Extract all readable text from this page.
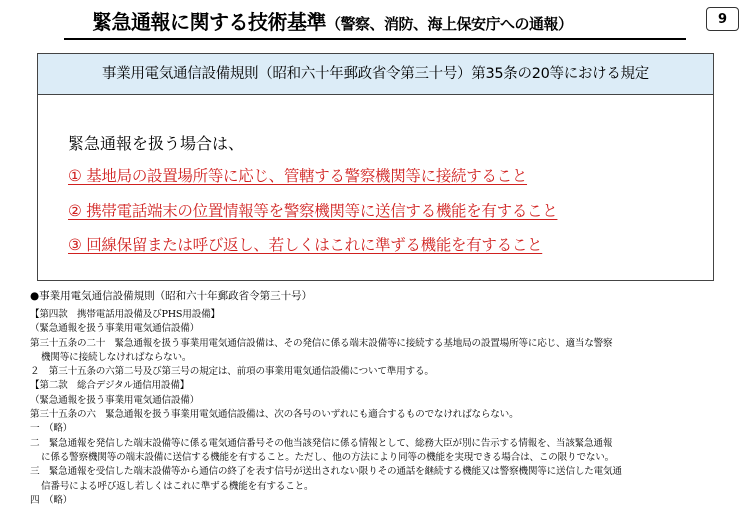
緊急通報に関する技術基準（警察、消防、海上保安庁への通報）	9
事業用電気通信設備規則（昭和六十年郵政省令第三十号）第35条の20等における規定
緊急通報を扱う場合は、
① 基地局の設置場所等に応じ、管轄する警察機関等に接続すること
② 携帯電話端末の位置情報等を警察機関等に送信する機能を有すること
③ 回線保留または呼び返し、若しくはこれに準ずる機能を有すること
●事業用電気通信設備規則（昭和六十年郵政省令第三十号）
【第四款　携帯電話用設備及びPHS用設備】
（緊急通報を扱う事業用電気通信設備）
第三十五条の二十　緊急通報を扱う事業用電気通信設備は、その発信に係る端末設備等に接続する基地局の設置場所等に応じ、適当な警察
機関等に接続しなければならない。
２　第三十五条の六第二号及び第三号の規定は、前項の事業用電気通信設備について準用する。
【第二款　総合デジタル通信用設備】
（緊急通報を扱う事業用電気通信設備）
第三十五条の六　緊急通報を扱う事業用電気通信設備は、次の各号のいずれにも適合するものでなければならない。
一　（略）
二　緊急通報を発信した端末設備等に係る電気通信番号その他当該発信に係る情報として、総務大臣が別に告示する情報を、当該緊急通報
に係る警察機関等の端末設備に送信する機能を有すること。ただし、他の方法により同等の機能を実現できる場合は、この限りでない。
三　緊急通報を受信した端末設備等から通信の終了を表す信号が送出されない限りその通話を継続する機能又は警察機関等に送信した電気通
信番号による呼び返し若しくはこれに準ずる機能を有すること。
四　（略）
